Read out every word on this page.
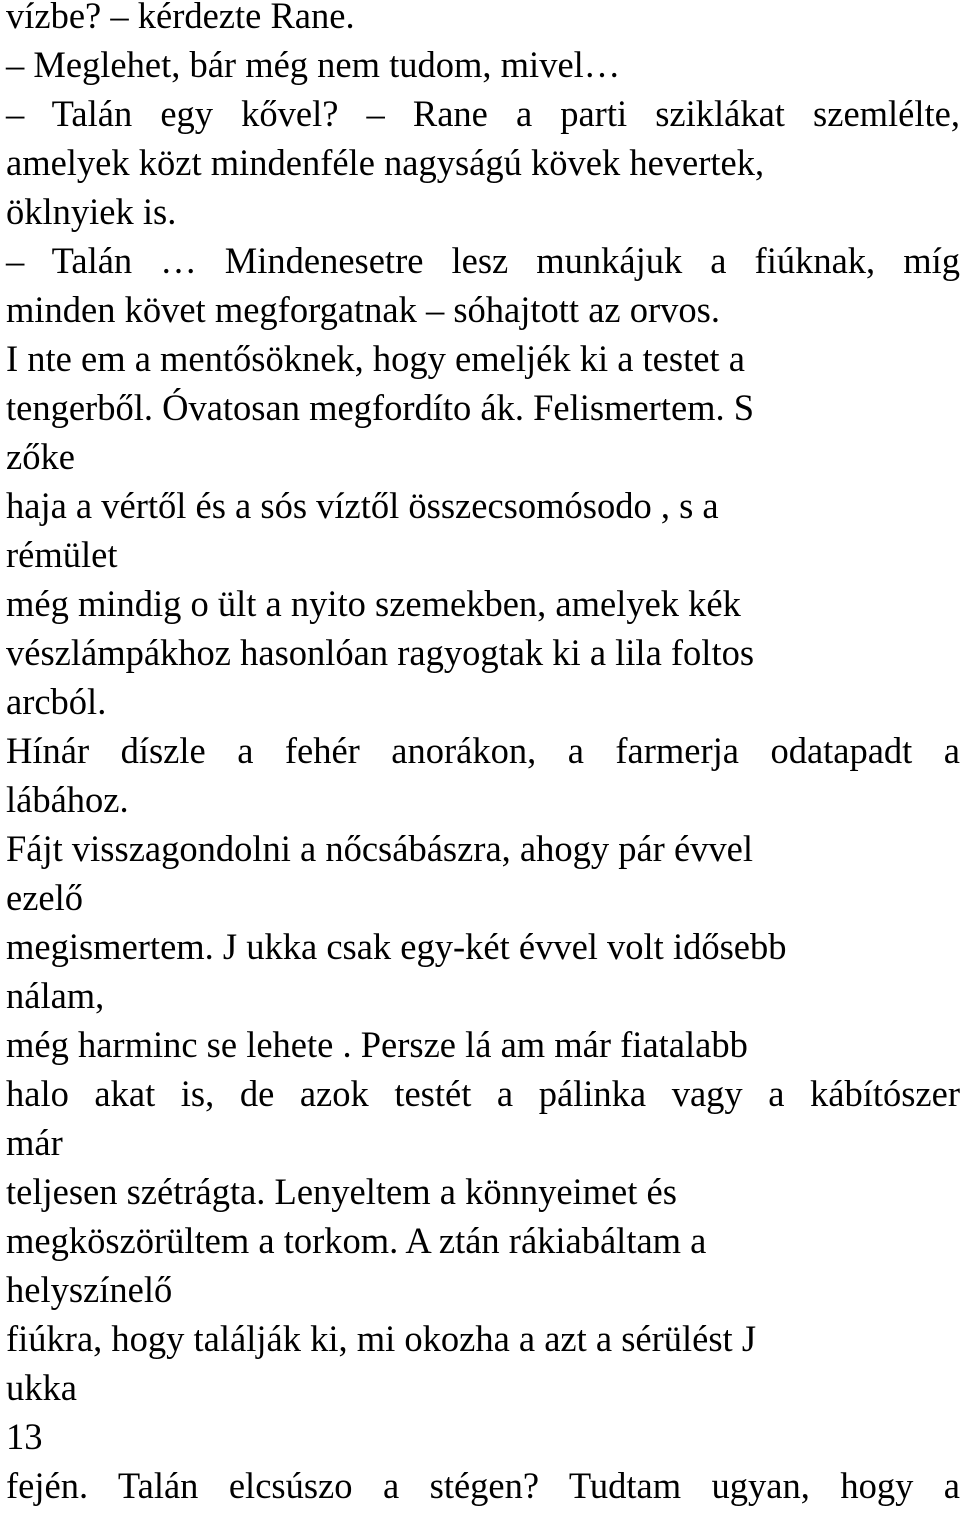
vízbe? – kérdezte Rane.
– Meglehet, bár még nem tudom, mivel…
– Talán egy kővel? – Rane a parti sziklákat szemlélte,
amelyek közt mindenféle nagyságú kövek hevertek,
öklnyiek is.
– Talán … Mindenesetre lesz munkájuk a fiúknak, míg
minden követ megforgatnak – sóhajtott az orvos.
I nte em a mentősöknek, hogy emeljék ki a testet a
tengerből. Óvatosan megfordíto ák. Felismertem. S
zőke
haja a vértől és a sós víztől összecsomósodo , s a
rémület
még mindig o ült a nyito szemekben, amelyek kék
vészlámpákhoz hasonlóan ragyogtak ki a lila foltos
arcból.
Hínár díszle a fehér anorákon, a farmerja odatapadt a
lábához.
Fájt visszagondolni a nőcsábászra, ahogy pár évvel
ezelő
megismertem. J ukka csak egy-két évvel volt idősebb
nálam,
még harminc se lehete . Persze lá am már fiatalabb
halo akat is, de azok testét a pálinka vagy a kábítószer
már
teljesen szétrágta. Lenyeltem a könnyeimet és
megköszörültem a torkom. A ztán rákiabáltam a
helyszínelő
fiúkra, hogy találják ki, mi okozha a azt a sérülést J
ukka
13
fején. Talán elcsúszo a stégen? Tudtam ugyan, hogy a
